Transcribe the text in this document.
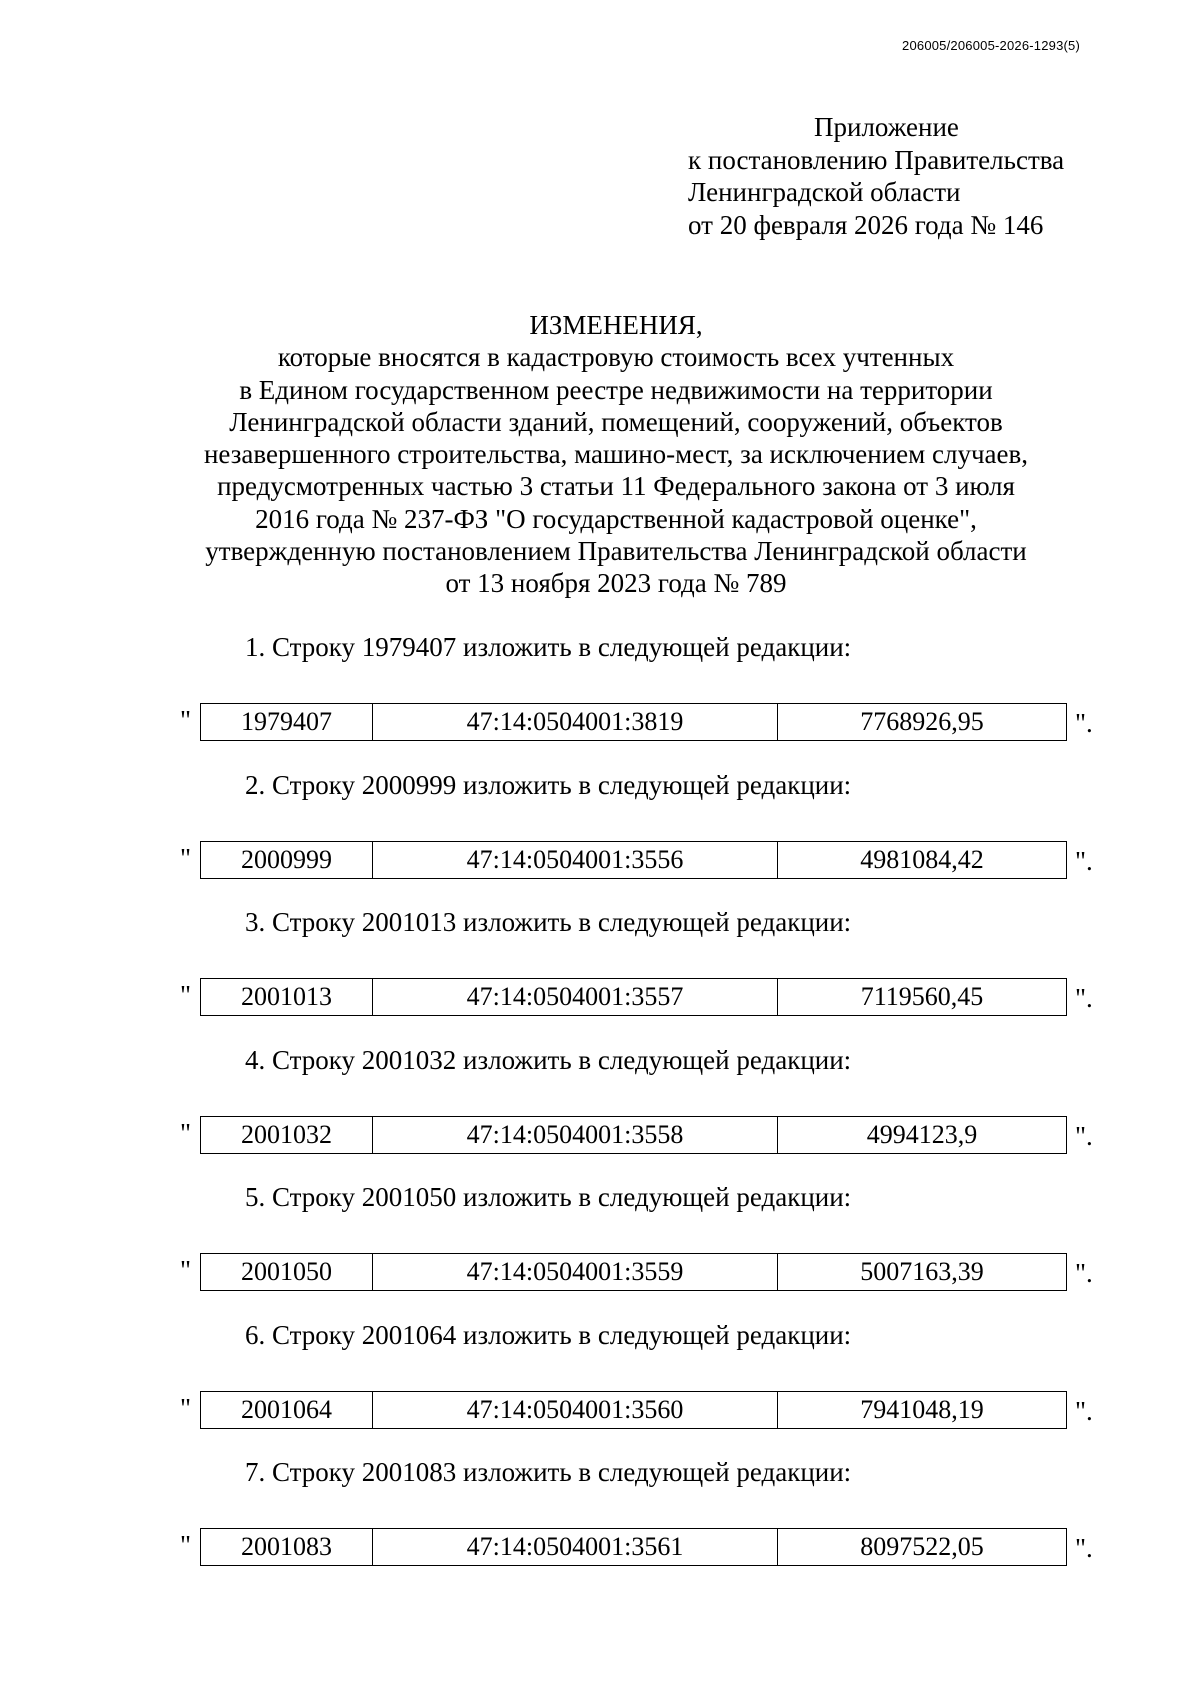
206005/206005-2026-1293(5)
Приложение
к постановлению Правительства
Ленинградской области
от 20 февраля 2026 года № 146
ИЗМЕНЕНИЯ,
которые вносятся в кадастровую стоимость всех учтенных
в Едином государственном реестре недвижимости на территории
Ленинградской области зданий, помещений, сооружений, объектов
незавершенного строительства, машино-мест, за исключением случаев,
предусмотренных частью 3 статьи 11 Федерального закона от 3 июля
2016 года № 237-ФЗ "О государственной кадастровой оценке",
утвержденную постановлением Правительства Ленинградской области
от 13 ноября 2023 года № 789
1. Строку 1979407 изложить в следующей редакции:
" 1979407	47:14:0504001:3819	7768926,95	".
2. Строку 2000999 изложить в следующей редакции:
" 2000999	47:14:0504001:3556	4981084,42	".
3. Строку 2001013 изложить в следующей редакции:
" 2001013	47:14:0504001:3557	7119560,45	".
4. Строку 2001032 изложить в следующей редакции:
" 2001032	47:14:0504001:3558	4994123,9	".
5. Строку 2001050 изложить в следующей редакции:
" 2001050	47:14:0504001:3559	5007163,39	".
6. Строку 2001064 изложить в следующей редакции:
" 2001064	47:14:0504001:3560	7941048,19	".
7. Строку 2001083 изложить в следующей редакции:
" 2001083	47:14:0504001:3561	8097522,05	".
